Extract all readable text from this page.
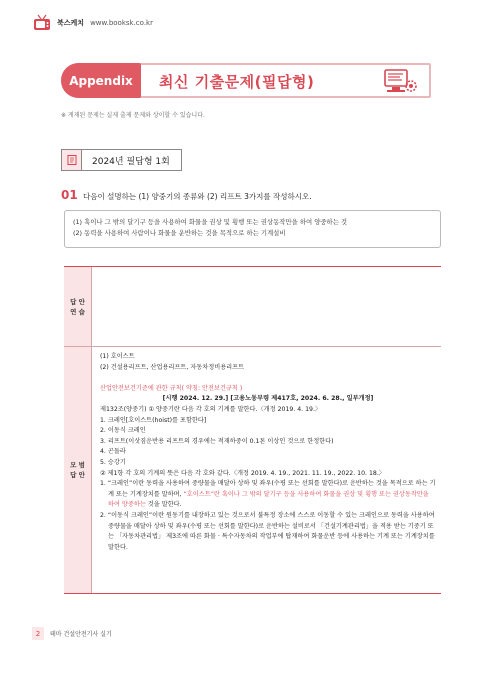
북스케치 www.booksk.co.kr
Appendix	최신 기출문제(필답형)
※ 게재된 문제는 실제 출제 문제와 상이할 수 있습니다.
2024년 필답형 1회
01 다음이 설명하는 (1) 양중기의 종류와 (2) 리프트 3가지를 작성하시오.
(1) 훅이나 그 밖의 달기구 등을 사용하여 화물을 권상 및 횡행 또는 권상동작만을 하여 양중하는 것
(2) 동력을 사용하여 사람이나 화물을 운반하는 것을 목적으로 하는 기계설비
답 안
연 습
모 범
답 안
(1) 호이스트
(2) 건설용리프트, 산업용리프트, 자동차정비용리프트

산업안전보건기준에 관한 규칙( 약칭: 안전보건규칙 )
[시행 2024. 12. 29.] [고용노동부령 제417호, 2024. 6. 28., 일부개정]
제132조(양중기) ① 양중기란 다음 각 호의 기계를 말한다.〈개정 2019. 4. 19.〉
1. 크레인[호이스트(hoist)를 포함한다]
2. 이동식 크레인
3. 리프트(이삿짐운반용 리프트의 경우에는 적재하중이 0.1톤 이상인 것으로 한정한다)
4. 곤돌라
5. 승강기
② 제1항 각 호의 기계의 뜻은 다음 각 호와 같다.〈개정 2019. 4. 19., 2021. 11. 19., 2022. 10. 18.〉
1. “크레인”이란 동력을 사용하여 중량물을 매달아 상하 및 좌우(수평 또는 선회를 말한다)로 운반하는 것을 목적으로 하는 기계 또는 기계장치를 말하며, “호이스트”란 훅이나 그 밖의 달기구 등을 사용하여 화물을 권상 및 횡행 또는 권상동작만을 하여 양중하는 것을 말한다.
2. “이동식 크레인”이란 원동기를 내장하고 있는 것으로서 불특정 장소에 스스로 이동할 수 있는 크레인으로 동력을 사용하여 중량물을 매달아 상하 및 좌우(수평 또는 선회를 말한다)로 운반하는 설비로서 「건설기계관리법」을 적용 받는 기중기 또는 「자동차관리법」 제3조에 따른 화물 · 특수자동차의 작업부에 탑재하여 화물운반 등에 사용하는 기계 또는 기계장치를 말한다.
2	테마 건설안전기사 실기
